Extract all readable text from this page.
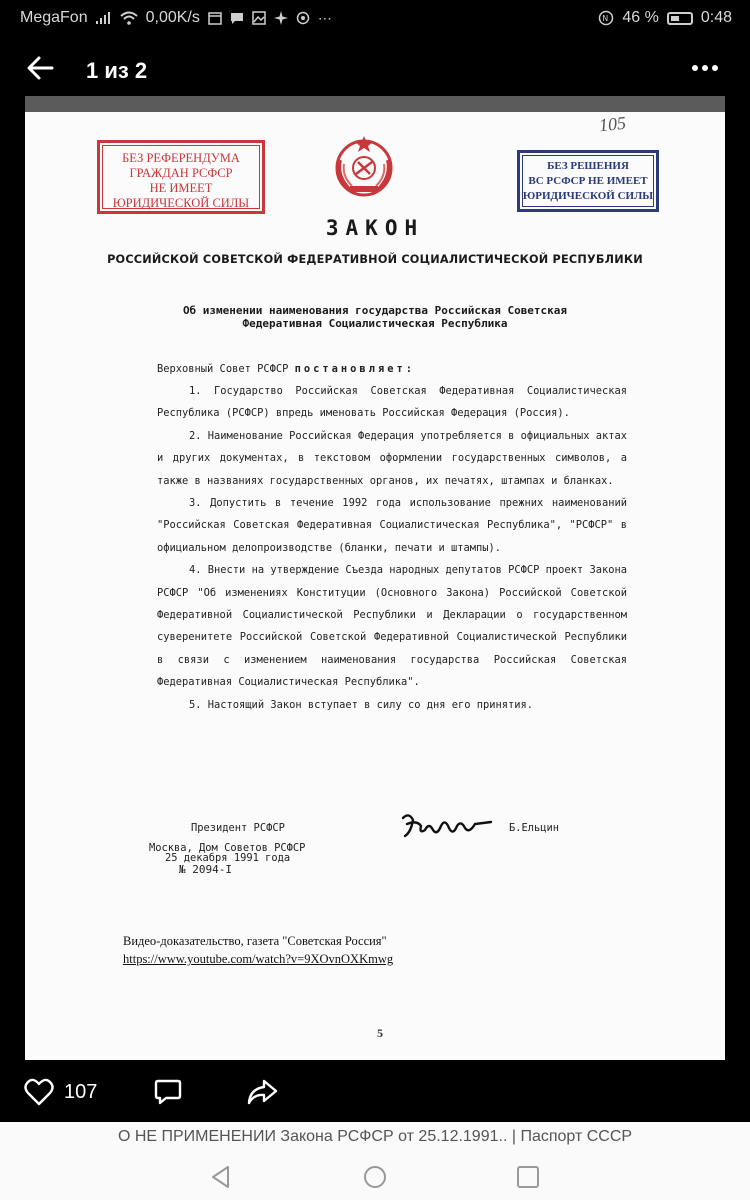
MegaFon	0,00K/s	⋯	N 46 %	0:48
1 из 2
БЕЗ РЕФЕРЕНДУМА
ГРАЖДАН РСФСР
НЕ ИМЕЕТ
ЮРИДИЧЕСКОЙ СИЛЫ
105
БЕЗ РЕШЕНИЯ
ВС РСФСР НЕ ИМЕЕТ
ЮРИДИЧЕСКОЙ СИЛЫ
ЗАКОН
РОССИЙСКОЙ СОВЕТСКОЙ ФЕДЕРАТИВНОЙ СОЦИАЛИСТИЧЕСКОЙ РЕСПУБЛИКИ
Об изменении наименования государства Российская Советская
Федеративная Социалистическая Республика
Верховный Совет РСФСР постановляет:

1. Государство Российская Советская Федеративная Социалистическая Республика (РСФСР) впредь именовать Российская Федерация (Россия).

2. Наименование Российская Федерация употребляется в официальных актах и других документах, в текстовом оформлении государственных символов, а также в названиях государственных органов, их печатях, штампах и бланках.

3. Допустить в течение 1992 года использование прежних наименований "Российская Советская Федеративная Социалистическая Республика", "РСФСР" в официальном делопроизводстве (бланки, печати и штампы).

4. Внести на утверждение Съезда народных депутатов РСФСР проект Закона РСФСР "Об изменениях Конституции (Основного Закона) Российской Советской Федеративной Социалистической Республики и Декларации о государственном суверенитете Российской Советской Федеративной Социалистической Республики в связи с изменением наименования государства Российская Советская Федеративная Социалистическая Республика".

5. Настоящий Закон вступает в силу со дня его принятия.

Президент РСФСР	Б.Ельцин
Москва, Дом Советов РСФСР
25 декабря 1991 года
№ 2094-I
Видео-доказательство, газета "Советская Россия"
https://www.youtube.com/watch?v=9XOvnOXKmwg
5
107
О НЕ ПРИМЕНЕНИИ Закона РСФСР от 25.12.1991.. | Паспорт СССР
